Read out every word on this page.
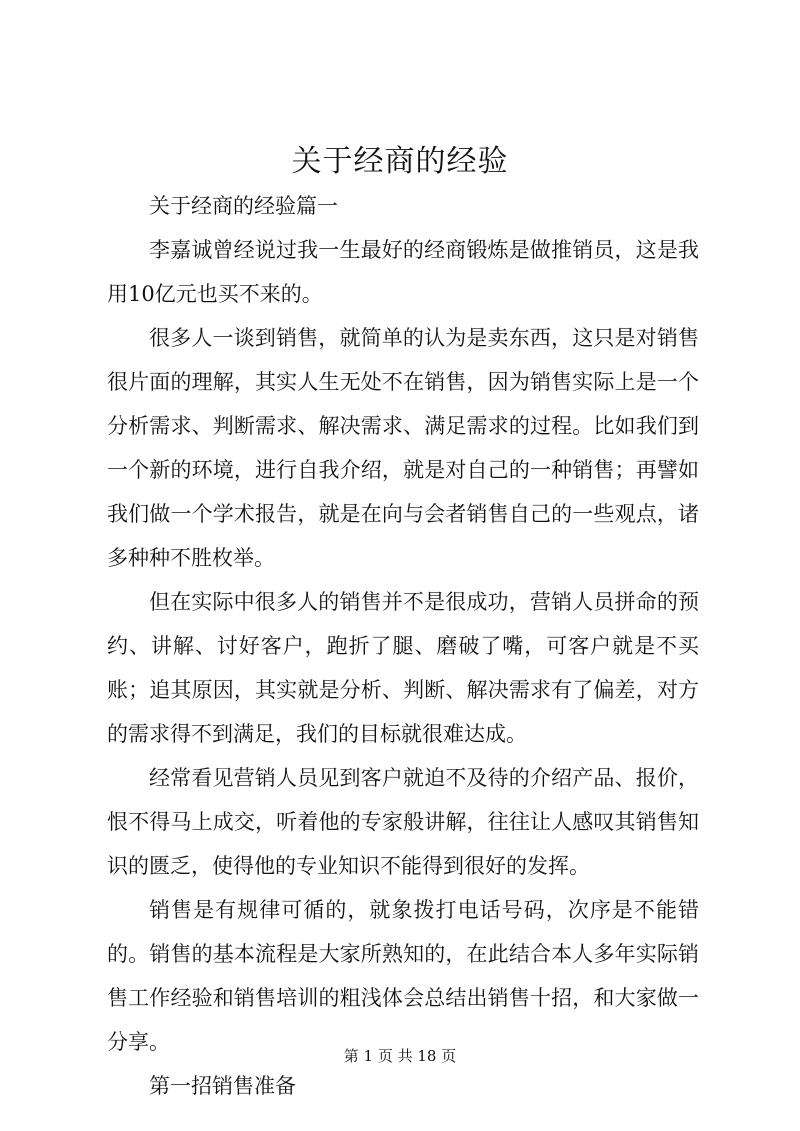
关于经商的经验

关于经商的经验篇一

李嘉诚曾经说过我一生最好的经商锻炼是做推销员，这是我用10亿元也买不来的。

很多人一谈到销售，就简单的认为是卖东西，这只是对销售很片面的理解，其实人生无处不在销售，因为销售实际上是一个分析需求、判断需求、解决需求、满足需求的过程。比如我们到一个新的环境，进行自我介绍，就是对自己的一种销售；再譬如我们做一个学术报告，就是在向与会者销售自己的一些观点，诸多种种不胜枚举。

但在实际中很多人的销售并不是很成功，营销人员拼命的预约、讲解、讨好客户，跑折了腿、磨破了嘴，可客户就是不买账；追其原因，其实就是分析、判断、解决需求有了偏差，对方的需求得不到满足，我们的目标就很难达成。

经常看见营销人员见到客户就迫不及待的介绍产品、报价，恨不得马上成交，听着他的专家般讲解，往往让人感叹其销售知识的匮乏，使得他的专业知识不能得到很好的发挥。

销售是有规律可循的，就象拨打电话号码，次序是不能错的。销售的基本流程是大家所熟知的，在此结合本人多年实际销售工作经验和销售培训的粗浅体会总结出销售十招，和大家做一分享。

第一招销售准备

第 1 页 共 18 页
